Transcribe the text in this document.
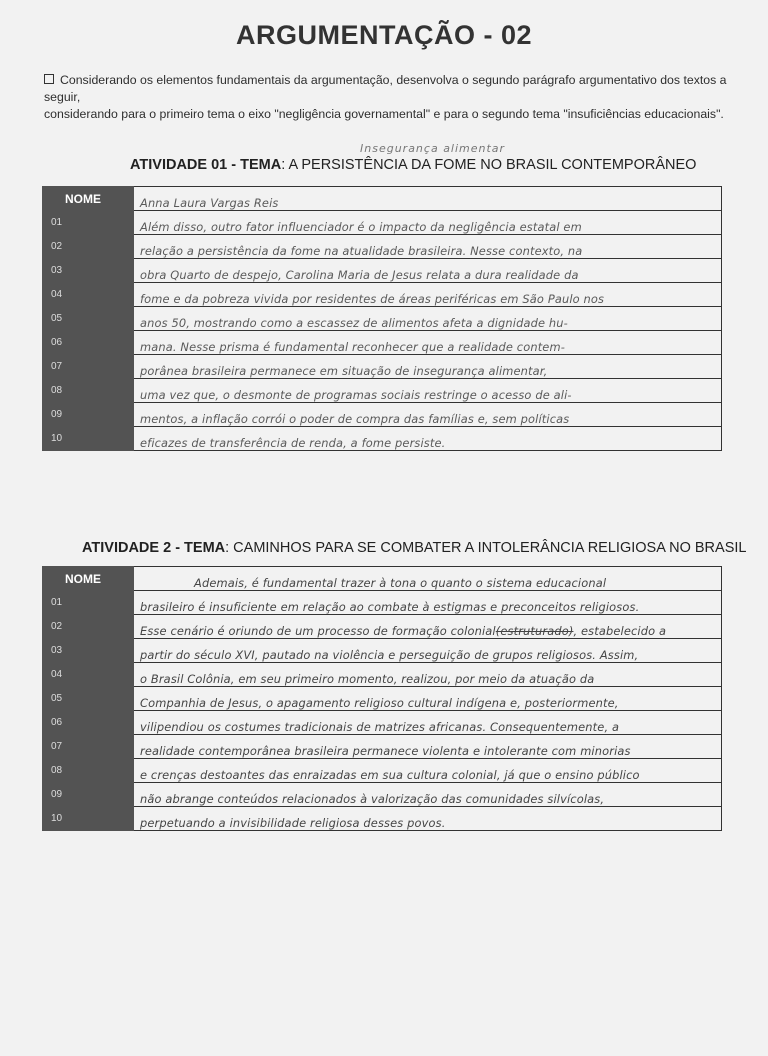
ARGUMENTAÇÃO - 02
Considerando os elementos fundamentais da argumentação, desenvolva o segundo parágrafo argumentativo dos textos a seguir,
considerando para o primeiro tema o eixo "negligência governamental" e para o segundo tema "insuficiências educacionais".
Insegurança alimentar
ATIVIDADE 01 - TEMA: A PERSISTÊNCIA DA FOME NO BRASIL CONTEMPORÂNEO
NOME	Anna Laura Vargas Reis
01	Além disso, outro fator influenciador é o impacto da negligência estatal em
02	relação a persistência da fome na atualidade brasileira. Nesse contexto, na
03	obra Quarto de despejo, Carolina Maria de Jesus relata a dura realidade da
04	fome e da pobreza vivida por residentes de áreas periféricas em São Paulo nos
05	anos 50, mostrando como a escassez de alimentos afeta a dignidade hu-
06	mana. Nesse prisma é fundamental reconhecer que a realidade contem-
07	porânea brasileira permanece em situação de insegurança alimentar,
08	uma vez que, o desmonte de programas sociais restringe o acesso de ali-
09	mentos, a inflação corrói o poder de compra das famílias e, sem políticas
10	eficazes de transferência de renda, a fome persiste.
ATIVIDADE 2 - TEMA: CAMINHOS PARA SE COMBATER A INTOLERÂNCIA RELIGIOSA NO BRASIL
NOME	Ademais, é fundamental trazer à tona o quanto o sistema educacional
01	brasileiro é insuficiente em relação ao combate à estigmas e preconceitos religiosos.
02	Esse cenário é oriundo de um processo de formação colonial(estruturado), estabelecido a
03	partir do século XVI, pautado na violência e perseguição de grupos religiosos. Assim,
04	o Brasil Colônia, em seu primeiro momento, realizou, por meio da atuação da
05	Companhia de Jesus, o apagamento religioso cultural indígena e, posteriormente,
06	vilipendiou os costumes tradicionais de matrizes africanas. Consequentemente, a
07	realidade contemporânea brasileira permanece violenta e intolerante com minorias
08	e crenças destoantes das enraizadas em sua cultura colonial, já que o ensino público
09	não abrange conteúdos relacionados à valorização das comunidades silvícolas,
10	perpetuando a invisibilidade religiosa desses povos.
